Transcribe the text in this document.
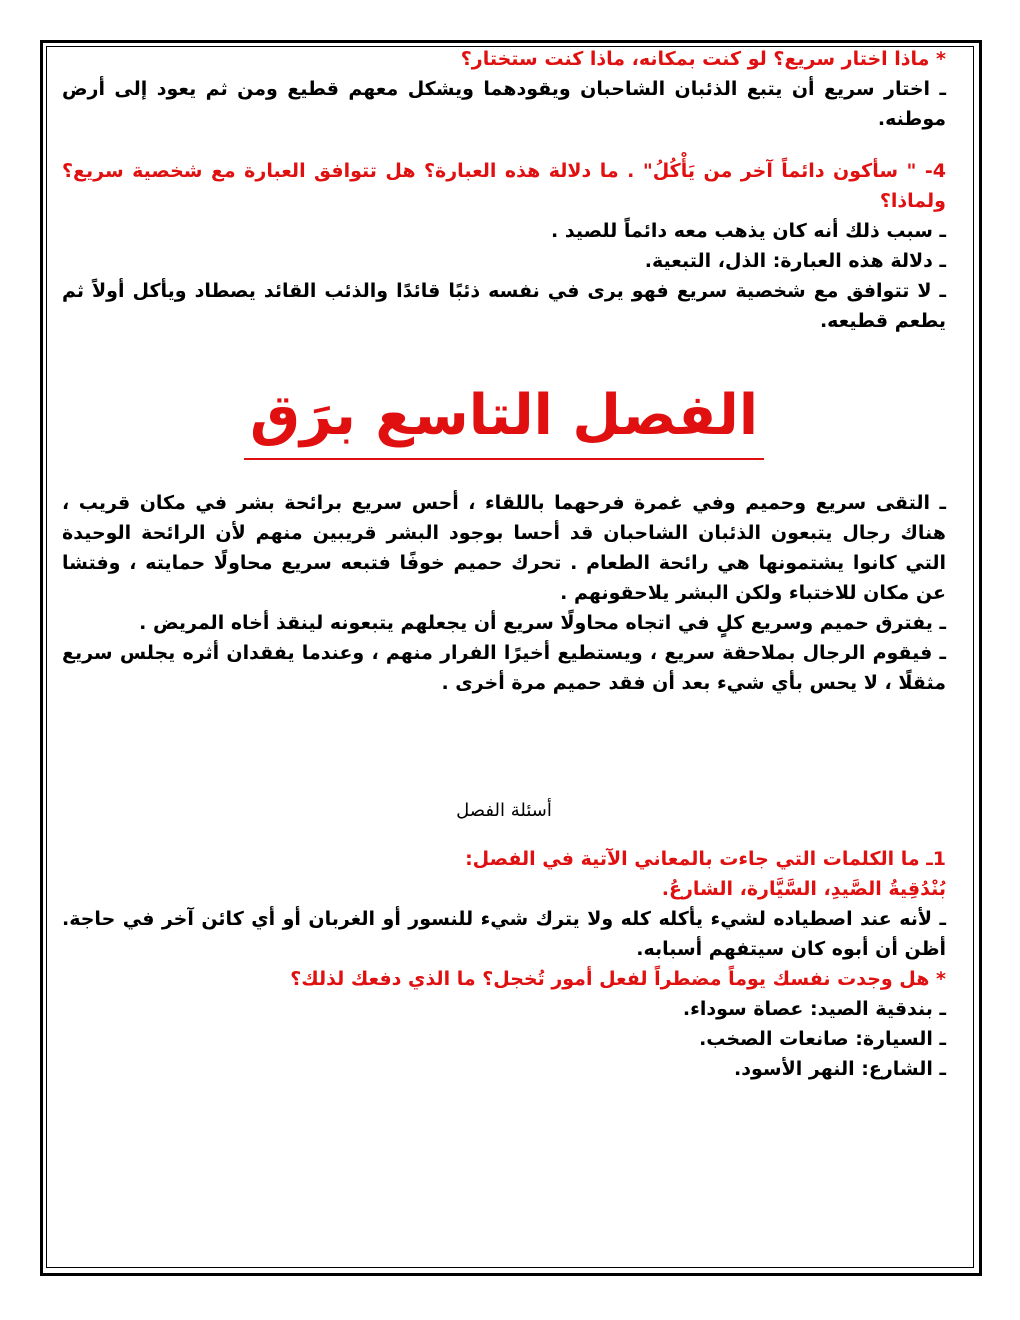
* ماذا اختار سريع؟ لو كنت بمكانه، ماذا كنت ستختار؟

ـ اختار سريع أن يتبع الذئبان الشاحبان ويقودهما ويشكل معهم قطيع ومن ثم يعود إلى أرض موطنه.

4- " سأكون دائماً آخر من يَأْكُلُ" . ما دلالة هذه العبارة؟ هل تتوافق العبارة مع شخصية سريع؟ ولماذا؟

ـ سبب ذلك أنه كان يذهب معه دائماً للصيد .

ـ دلالة هذه العبارة: الذل، التبعية.

ـ لا تتوافق مع شخصية سريع فهو يرى في نفسه ذئبًا قائدًا والذئب القائد يصطاد ويأكل أولاً ثم يطعم قطيعه.

الفصل التاسع برَق

ـ التقى سريع وحميم وفي غمرة فرحهما باللقاء ، أحس سريع برائحة بشر في مكان قريب ، هناك رجال يتبعون الذئبان الشاحبان قد أحسا بوجود البشر قريبين منهم لأن الرائحة الوحيدة التي كانوا يشتمونها هي رائحة الطعام . تحرك حميم خوفًا فتبعه سريع محاولًا حمايته ، وفتشا عن مكان للاختباء ولكن البشر يلاحقونهم .

ـ يفترق حميم وسريع كلٍ في اتجاه محاولًا سريع أن يجعلهم يتبعونه لينقذ أخاه المريض .

ـ فيقوم الرجال بملاحقة سريع ، ويستطيع أخيرًا الفرار منهم ، وعندما يفقدان أثره يجلس سريع مثقلًا ، لا يحس بأي شيء بعد أن فقد حميم مرة أخرى .

أسئلة الفصل

1ـ ما الكلمات التي جاءت بالمعاني الآتية في الفصل:

بُنْدُقِيةُ الصَّيدِ، السَّيَّارة، الشارعُ.

ـ لأنه عند اصطياده لشيء يأكله كله ولا يترك شيء للنسور أو الغربان أو أي كائن آخر في حاجة. أظن أن أبوه كان سيتفهم أسبابه.

* هل وجدت نفسك يوماً مضطراً لفعل أمور تُخجل؟ ما الذي دفعك لذلك؟

ـ بندقية الصيد: عصاة سوداء.

ـ السيارة: صانعات الصخب.

ـ الشارع: النهر الأسود.
